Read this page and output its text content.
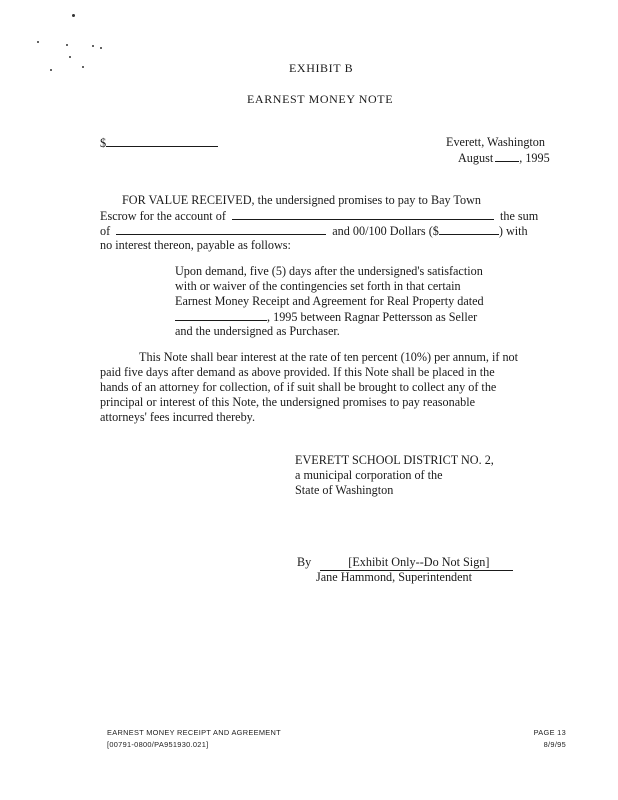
EXHIBIT B
EARNEST MONEY NOTE
$	Everett, Washington
August , 1995
FOR VALUE RECEIVED, the undersigned promises to pay to Bay Town
Escrow for the account of	the sum
of	and 00/100 Dollars ($	) with
no interest thereon, payable as follows:
Upon demand, five (5) days after the undersigned's satisfaction
with or waiver of the contingencies set forth in that certain
Earnest Money Receipt and Agreement for Real Property dated
, 1995 between Ragnar Pettersson as Seller
and the undersigned as Purchaser.
This Note shall bear interest at the rate of ten percent (10%) per annum, if not
paid five days after demand as above provided. If this Note shall be placed in the
hands of an attorney for collection, of if suit shall be brought to collect any of the
principal or interest of this Note, the undersigned promises to pay reasonable
attorneys' fees incurred thereby.
EVERETT SCHOOL DISTRICT NO. 2,
a municipal corporation of the
State of Washington
By	[Exhibit Only--Do Not Sign]
Jane Hammond, Superintendent
EARNEST MONEY RECEIPT AND AGREEMENT
[00791-0800/PA951930.021]
PAGE 13
8/9/95
